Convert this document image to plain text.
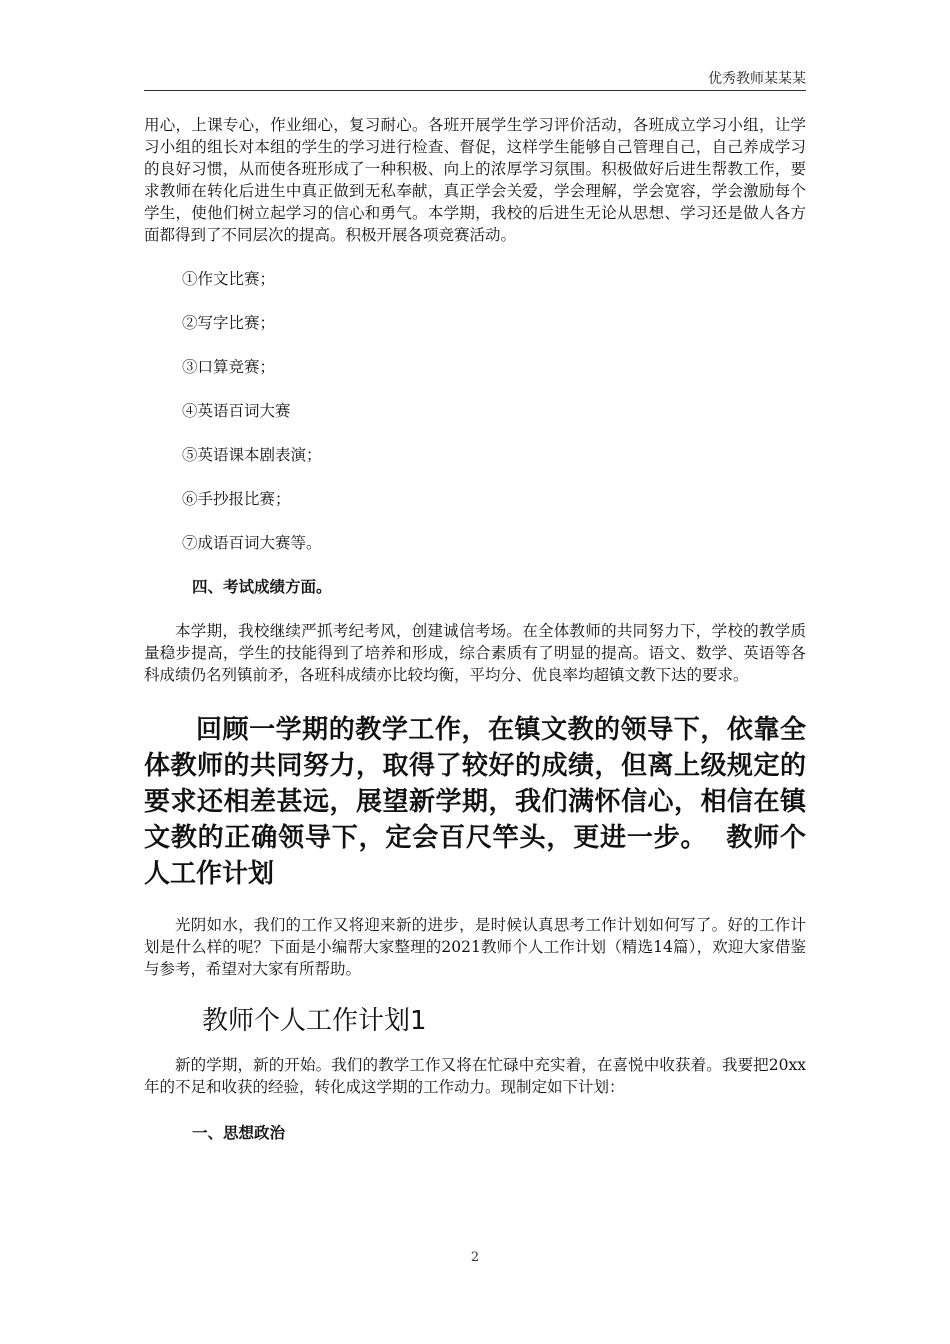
优秀教师某某某

用心，上课专心，作业细心，复习耐心。各班开展学生学习评价活动，各班成立学习小组，让学习小组的组长对本组的学生的学习进行检查、督促，这样学生能够自己管理自己，自己养成学习的良好习惯，从而使各班形成了一种积极、向上的浓厚学习氛围。积极做好后进生帮教工作，要求教师在转化后进生中真正做到无私奉献，真正学会关爱，学会理解，学会宽容，学会激励每个学生，使他们树立起学习的信心和勇气。本学期，我校的后进生无论从思想、学习还是做人各方面都得到了不同层次的提高。积极开展各项竞赛活动。

①作文比赛；

②写字比赛；

③口算竞赛；

④英语百词大赛

⑤英语课本剧表演；

⑥手抄报比赛；

⑦成语百词大赛等。

四、考试成绩方面。

本学期，我校继续严抓考纪考风，创建诚信考场。在全体教师的共同努力下，学校的教学质量稳步提高，学生的技能得到了培养和形成，综合素质有了明显的提高。语文、数学、英语等各科成绩仍名列镇前矛，各班科成绩亦比较均衡，平均分、优良率均超镇文教下达的要求。

回顾一学期的教学工作，在镇文教的领导下，依靠全体教师的共同努力，取得了较好的成绩，但离上级规定的要求还相差甚远，展望新学期，我们满怀信心，相信在镇文教的正确领导下，定会百尺竿头，更进一步。 教师个人工作计划

光阴如水，我们的工作又将迎来新的进步，是时候认真思考工作计划如何写了。好的工作计划是什么样的呢？下面是小编帮大家整理的2021教师个人工作计划（精选14篇），欢迎大家借鉴与参考，希望对大家有所帮助。

教师个人工作计划1

新的学期，新的开始。我们的教学工作又将在忙碌中充实着，在喜悦中收获着。我要把20xx年的不足和收获的经验，转化成这学期的工作动力。现制定如下计划：

一、思想政治

2
